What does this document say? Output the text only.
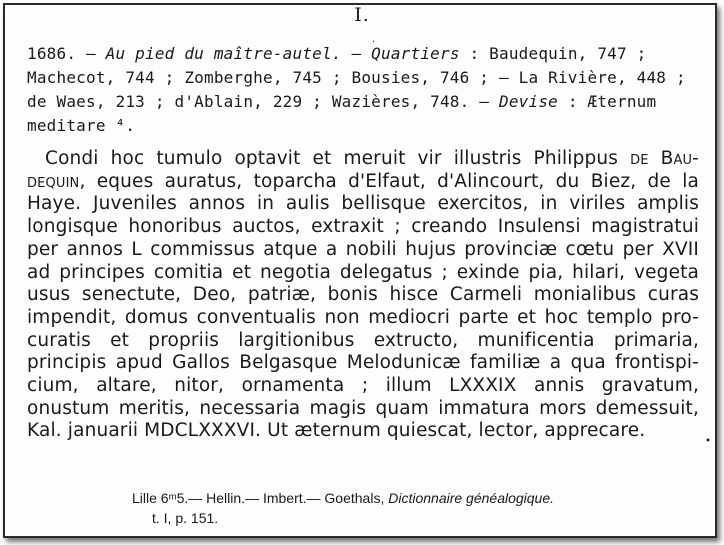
I.
.
1686. — Au pied du maître-autel. — Quartiers : Baudequin, 747 ;
Machecot, 744 ; Zomberghe, 745 ; Bousies, 746 ; — La Rivière, 448 ;
de Waes, 213 ; d'Ablain, 229 ; Wazières, 748. — Devise : Æternum
meditare ⁴.
Condi hoc tumulo optavit et meruit vir illustris Philippus de Bau-
dequin, eques auratus, toparcha d'Elfaut, d'Alincourt, du Biez, de la
Haye. Juveniles annos in aulis bellisque exercitos, in viriles amplis
longisque honoribus auctos, extraxit ; creando Insulensi magistratui
per annos L commissus atque a nobili hujus provinciæ cœtu per XVII
ad principes comitia et negotia delegatus ; exinde pia, hilari, vegeta
usus senectute, Deo, patriæ, bonis hisce Carmeli monialibus curas
impendit, domus conventualis non mediocri parte et hoc templo pro-
curatis et propriis largitionibus extructo, munificentia primaria,
principis apud Gallos Belgasque Melodunicæ familiæ a qua frontispi-
cium, altare, nitor, ornamenta ; illum LXXXIX annis gravatum,
onustum meritis, necessaria magis quam immatura mors demessuit,
Kal. januarii MDCLXXXVI. Ut æternum quiescat, lector, apprecare.
•
Lille 6ᵐ5.— Hellin.— Imbert.— Goethals, Dictionnaire généalogique.
t. I, p. 151.
